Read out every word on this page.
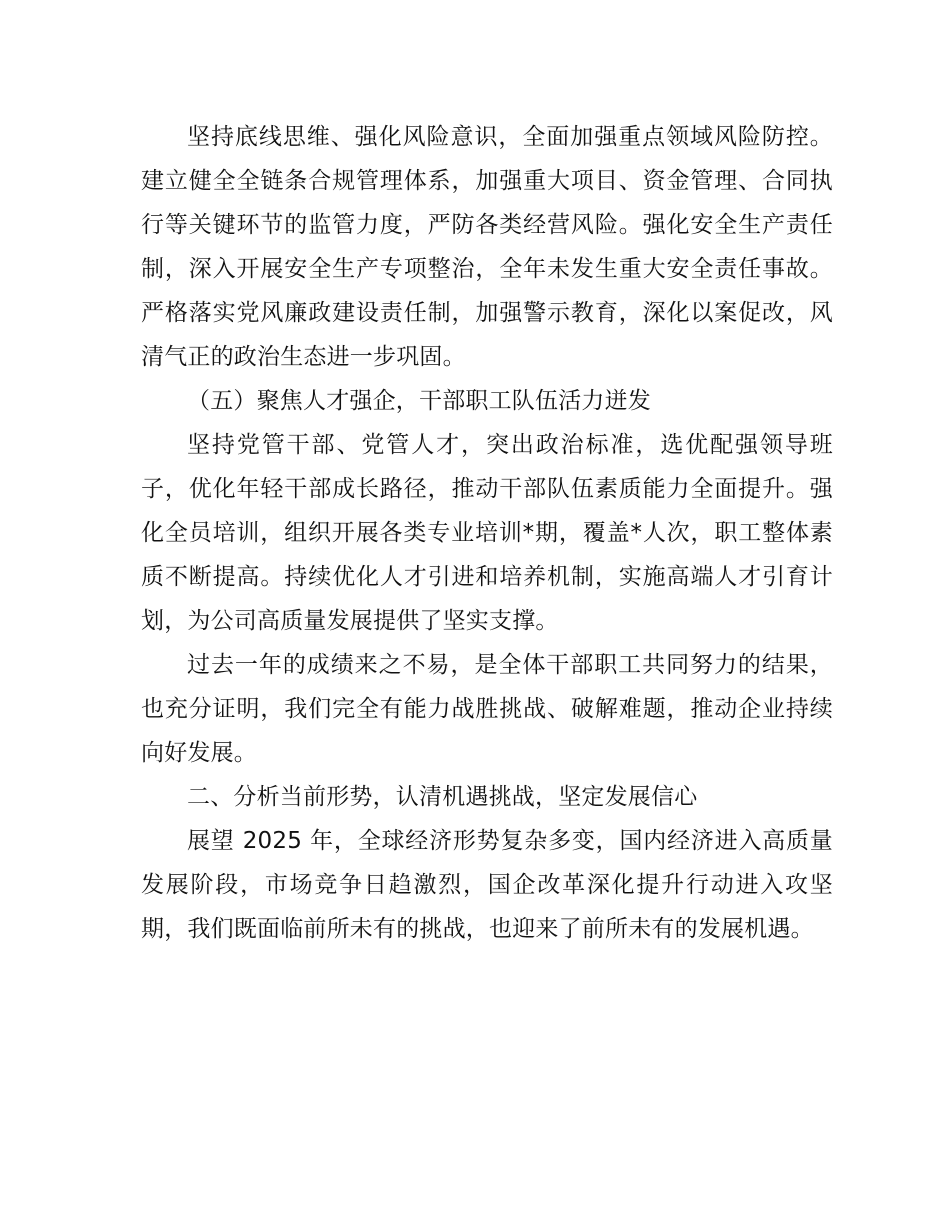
坚持底线思维、强化风险意识，全面加强重点领域风险防控。建立健全全链条合规管理体系，加强重大项目、资金管理、合同执行等关键环节的监管力度，严防各类经营风险。强化安全生产责任制，深入开展安全生产专项整治，全年未发生重大安全责任事故。严格落实党风廉政建设责任制，加强警示教育，深化以案促改，风清气正的政治生态进一步巩固。

（五）聚焦人才强企，干部职工队伍活力迸发

坚持党管干部、党管人才，突出政治标准，选优配强领导班子，优化年轻干部成长路径，推动干部队伍素质能力全面提升。强化全员培训，组织开展各类专业培训*期，覆盖*人次，职工整体素质不断提高。持续优化人才引进和培养机制，实施高端人才引育计划，为公司高质量发展提供了坚实支撑。

过去一年的成绩来之不易，是全体干部职工共同努力的结果，也充分证明，我们完全有能力战胜挑战、破解难题，推动企业持续向好发展。

二、分析当前形势，认清机遇挑战，坚定发展信心

展望 2025 年，全球经济形势复杂多变，国内经济进入高质量发展阶段，市场竞争日趋激烈，国企改革深化提升行动进入攻坚期，我们既面临前所未有的挑战，也迎来了前所未有的发展机遇。
